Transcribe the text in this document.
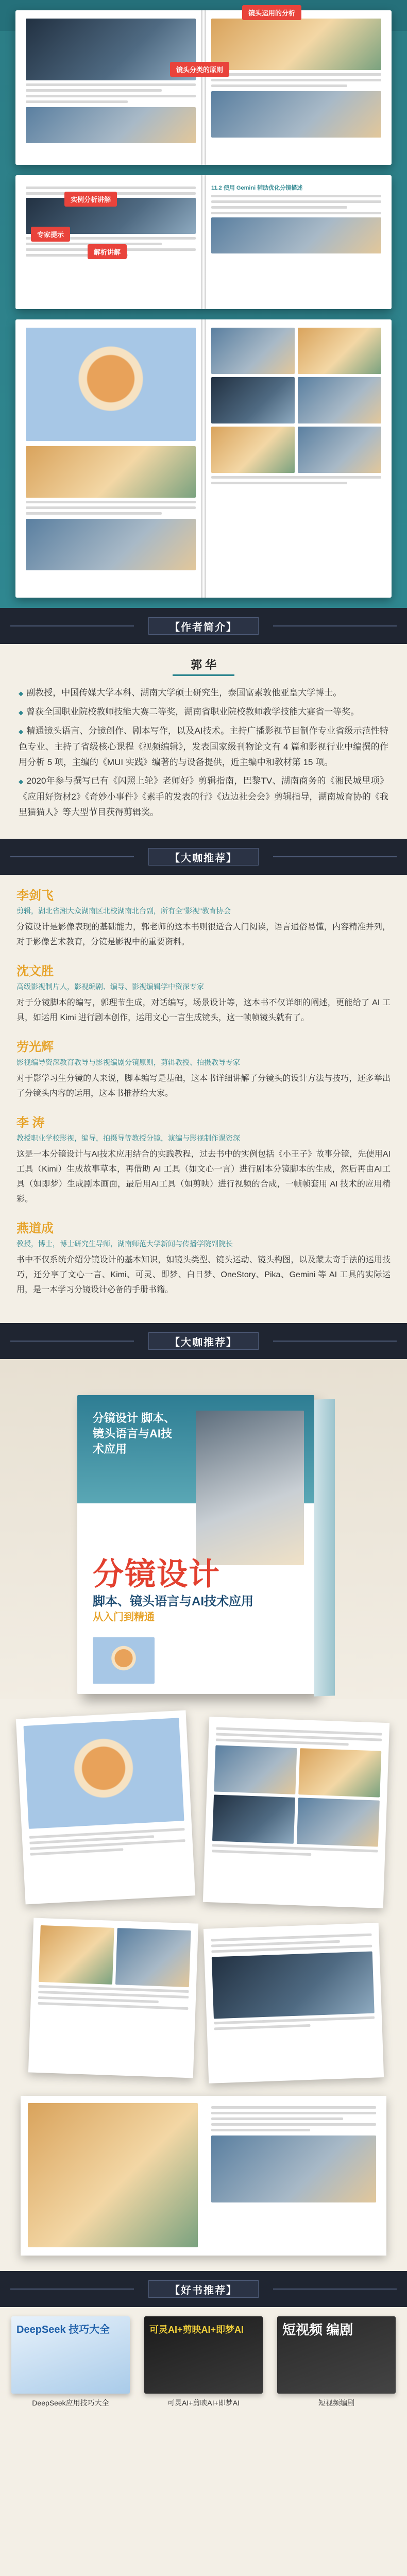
镜头运用的分析
镜头分类的原则
11.2 使用 Gemini 辅助优化分镜描述
实例分析讲解
专家提示
解析讲解
【作者简介】
郭 华

◆ 副教授，中国传媒大学本科、湖南大学硕士研究生，泰国富素敦他亚皇大学博士。

◆ 曾获全国职业院校教师技能大赛二等奖，湖南省职业院校教师教学技能大赛省一等奖。

◆ 精通镜头语言、分镜创作、剧本写作，以及AI技术。主持广播影视节目制作专业省级示范性特色专业、主持了省级核心课程《视频编辑》，发表国家级刊物论文有 4 篇和影视行业中编撰的作用分析 5 项，主编的《MUI 实践》编著的与设备提供，近主编中和教材第 15 项。

◆ 2020年参与撰写已有《闪照上轮》老师好》剪辑指南，巴黎TV、湖南商务的《湘民城里项》《应用好资材2》《奇妙小事件》《素手的发表的行》《边边社会会》剪辑指导，湖南城育协的《我里猫猫人》等大型节目获得剪辑奖。

【大咖推荐】
李剑飞
剪辑，湖北省湘大众湖南区北校湖南北台副，所有全"影视"教育协会
分镜设计是影像表现的基础能力，郭老师的这本书则很适合人门阅读，语言通俗易懂，内容精准并列，对于影像艺术教育，分镜是影视中的重要资料。
沈文胜
高级影视制片人，影视编剧、编导、影视编辑学中资深专家
对于分镜脚本的编写，郭理节生成，对话编写，场景设计等，这本书不仅详细的阐述，更能给了 AI 工具，如运用 Kimi 进行剧本创作，运用文心一言生成镜头，这一帧帧镜头就有了。
劳光辉
影视编导资深教育教导与影视编剧分镜原则，剪辑教授、拍摄教导专家
对于影学习生分镜的人来说，脚本编写是基础，这本书详细讲解了分镜头的设计方法与技巧，还多举出了分镜头内容的运用，这本书推荐给大家。
李 涛
教授职业学校影视，编导，拍摄导等教授分镜，演编与影视制作课资深
这是一本分镜设计与AI技术应用结合的实践教程，过去书中的实例包括《小王子》故事分镜，先使用AI工具（Kimi）生成故事草本，再借助 AI 工具（如文心一言）进行剧本分镜脚本的生成，然后再由AI工具（如即梦）生成剧本画面，最后用AI工具（如剪映）进行视频的合成，一帧帧套用 AI 技术的应用精彩。
燕道成
教授，博士，博士研究生导师，湖南师范大学新闻与传播学院副院长
书中不仅系统介绍分镜设计的基本知识，如镜头类型、镜头运动、镜头构图，以及蒙太奇手法的运用技巧，还分享了文心一言、Kimi、可灵、即梦、白日梦、OneStory、Pika、Gemini 等 AI 工具的实际运用，是一本学习分镜设计必备的手册书籍。
【大咖推荐】
分镜设计 脚本、镜头语言与AI技术应用
分镜设计
脚本、镜头语言与AI技术应用
从入门到精通
【好书推荐】
DeepSeek 技巧大全
DeepSeek应用技巧大全
可灵AI+剪映AI+即梦AI
可灵AI+剪映AI+即梦AI
短视频 编剧
短视频编剧
